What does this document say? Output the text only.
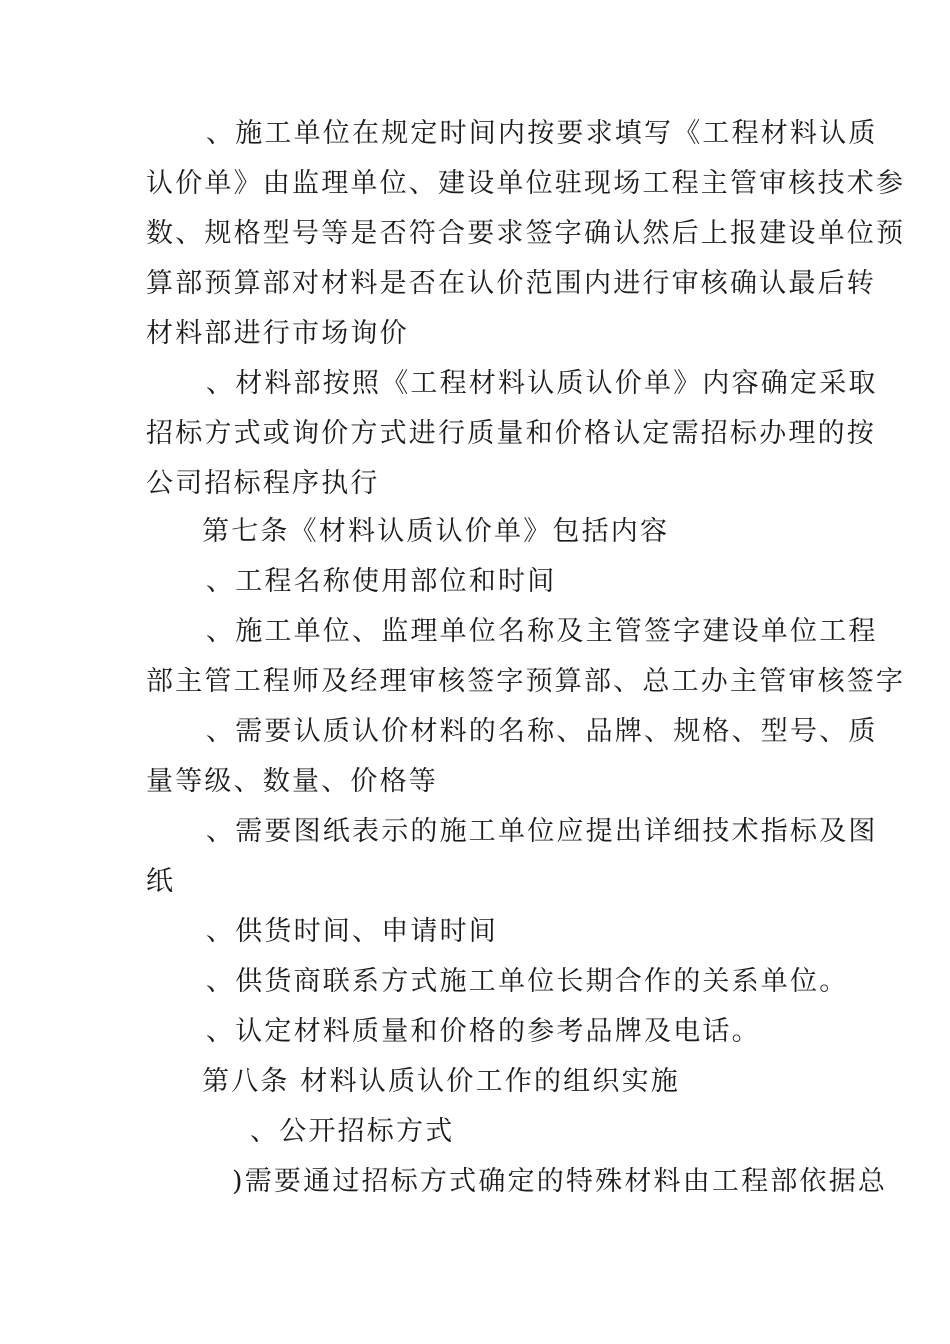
、施工单位在规定时间内按要求填写《工程材料认质
认价单》由监理单位、建设单位驻现场工程主管审核技术参
数、规格型号等是否符合要求签字确认然后上报建设单位预
算部预算部对材料是否在认价范围内进行审核确认最后转
材料部进行市场询价
、材料部按照《工程材料认质认价单》内容确定采取
招标方式或询价方式进行质量和价格认定需招标办理的按
公司招标程序执行
第七条《材料认质认价单》包括内容
、工程名称使用部位和时间
、施工单位、监理单位名称及主管签字建设单位工程
部主管工程师及经理审核签字预算部、总工办主管审核签字
、需要认质认价材料的名称、品牌、规格、型号、质
量等级、数量、价格等
、需要图纸表示的施工单位应提出详细技术指标及图
纸
、供货时间、申请时间
、供货商联系方式施工单位长期合作的关系单位。
、认定材料质量和价格的参考品牌及电话。
第八条 材料认质认价工作的组织实施
、公开招标方式
)需要通过招标方式确定的特殊材料由工程部依据总
